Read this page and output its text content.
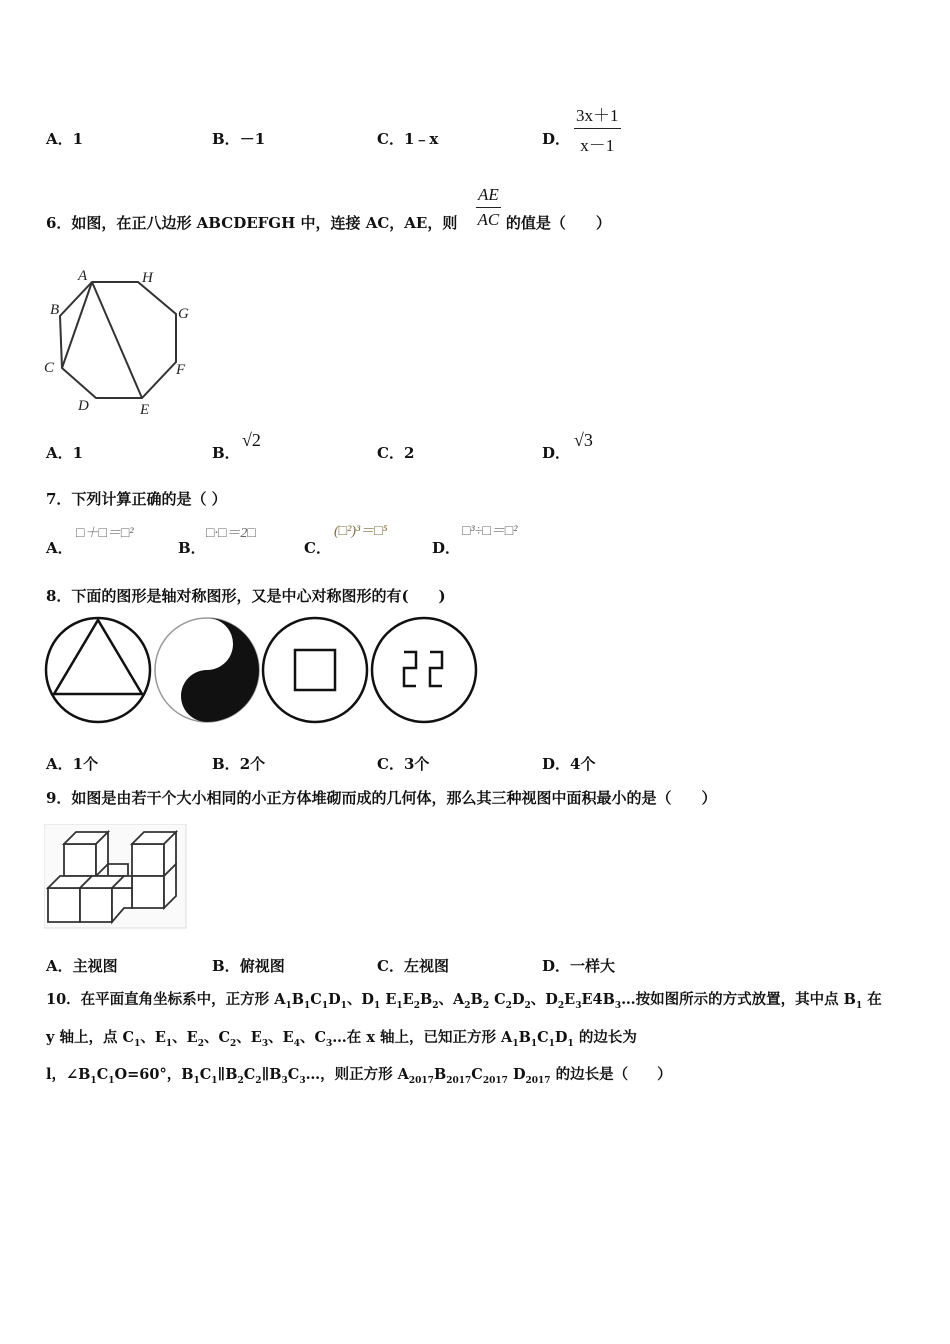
A．1	B．－1	C．1﹣x	D． $\frac{3x+1}{x-1}$
6．如图，在正八边形 ABCDEFGH 中，连接 AC，AE，则	的值是（　　）
$\frac{AE}{AC}$
A
B
C
D	E
F
G
H
A．1	B．
√2
C．2	D．
√3
7．下列计算正确的是（ ）
A．
□＋□＝□²
B．
□·□＝2□
C．
(□²)³＝□⁵
D．
□³÷□＝□²
8．下面的图形是轴对称图形，又是中心对称图形的有(　　)
A．1个	B．2个	C．3个	D．4个
9．如图是由若干个大小相同的小正方体堆砌而成的几何体，那么其三种视图中面积最小的是（　　）
A．主视图	B．俯视图	C．左视图	D．一样大
10．在平面直角坐标系中，正方形 $A_1B_1C_1D_1$、$D_1$ $E_1E_2B_2$、$A_2B_2$ $C_2D_2$、$D_2E_3E4B_3\dots$按如图所示的方式放置，其中点 $B_1$ 在
y 轴上，点 $C_1$、$E_1$、$E_2$、$C_2$、$E_3$、$E_4$、$C_3\dots$在 x 轴上，已知正方形 $A_1B_1C_1D_1$ 的边长为
l，$\angle B_1C_1O=60^\circ$，$B_1C_1\parallel B_2C_2\parallel B_3C_3\dots$，则正方形 $A_{2017}B_{2017}C_{2017}$ $D_{2017}$ 的边长是（　　）
